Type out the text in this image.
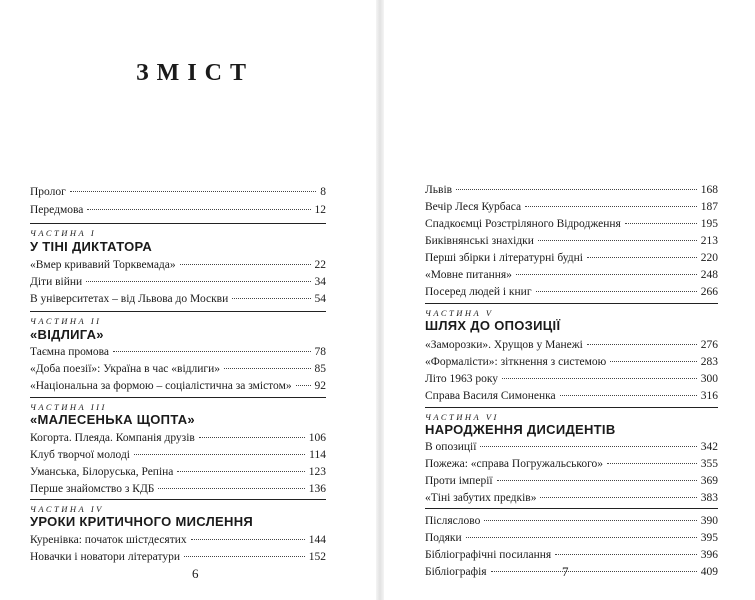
ЗМІСТ
Пролог	8
Передмова	12
ЧАСТИНА I
У ТІНІ ДИКТАТОРА
«Вмер кривавий Торквемада»	22
Діти війни	34
В університетах – від Львова до Москви	54
ЧАСТИНА II
«ВІДЛИГА»
Таємна промова	78
«Доба поезії»: Україна в час «відлиги»	85
«Національна за формою – соціалістична за змістом» 92
ЧАСТИНА III
«МАЛЕСЕНЬКА ЩОПТА»
Когорта. Плеяда. Компанія друзів	106
Клуб творчої молоді	114
Уманська, Білоруська, Репіна	123
Перше знайомство з КДБ	136
ЧАСТИНА IV
УРОКИ КРИТИЧНОГО МИСЛЕННЯ
Куренівка: початок шістдесятих	144
Новачки і новатори літератури	152
6
Львів	168
Вечір Леся Курбаса	187
Спадкоємці Розстріляного Відродження	195
Биківнянські знахідки	213
Перші збірки і літературні будні	220
«Мовне питання»	248
Посеред людей і книг	266
ЧАСТИНА V
ШЛЯХ ДО ОПОЗИЦІЇ
«Заморозки». Хрущов у Манежі	276
«Формалісти»: зіткнення з системою	283
Літо 1963 року	300
Справа Василя Симоненка	316
ЧАСТИНА VI
НАРОДЖЕННЯ ДИСИДЕНТІВ
В опозиції	342
Пожежа: «справа Погружальського»	355
Проти імперії	369
«Тіні забутих предків»	383
Післяслово	390
Подяки	395
Бібліографічні посилання	396
Бібліографія	409
7
